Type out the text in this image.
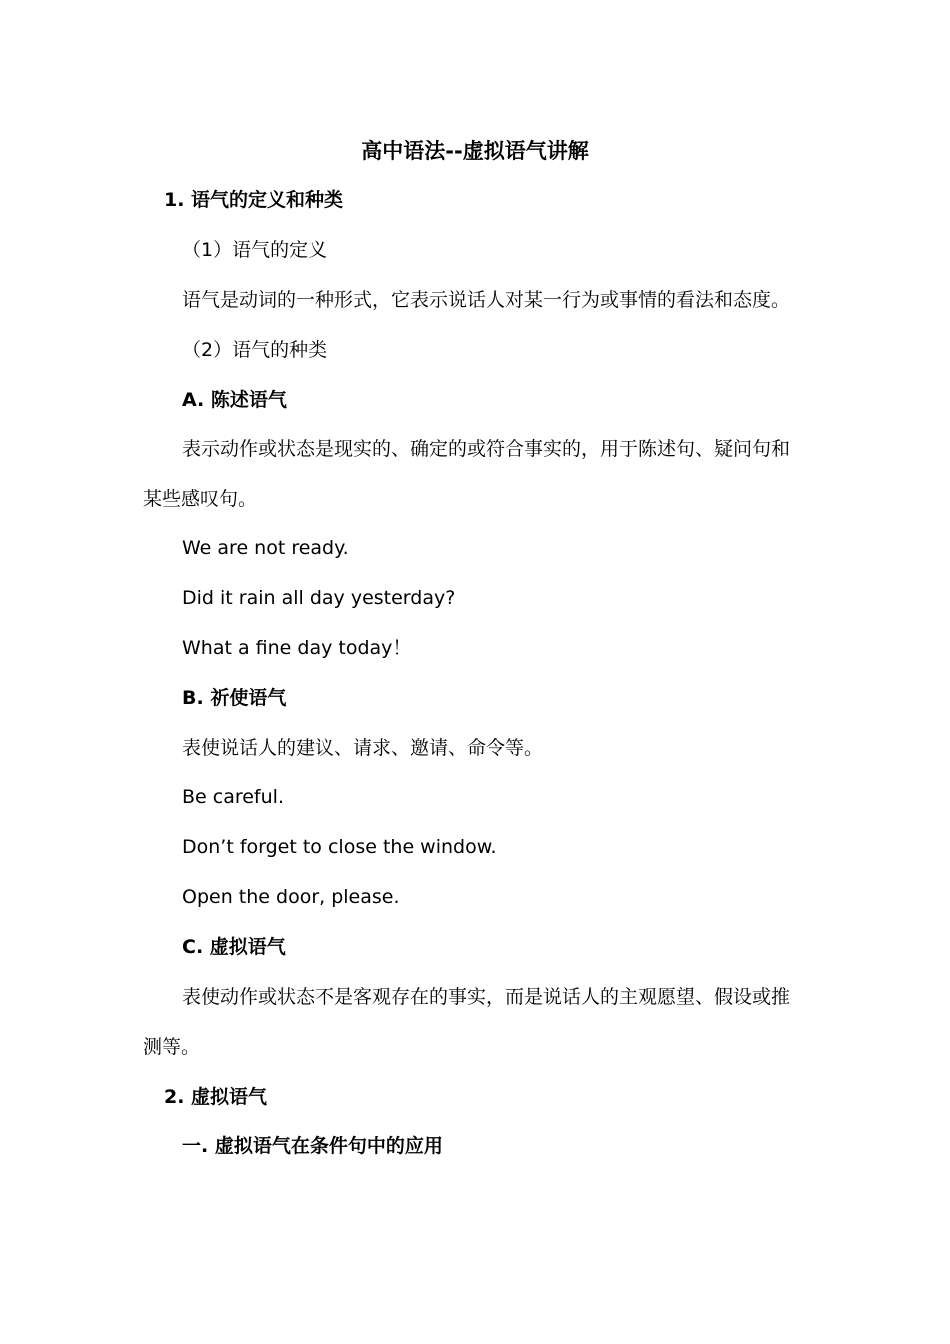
高中语法--虚拟语气讲解
1. 语气的定义和种类
（1）语气的定义
语气是动词的一种形式，它表示说话人对某一行为或事情的看法和态度。
（2）语气的种类
A. 陈述语气
表示动作或状态是现实的、确定的或符合事实的，用于陈述句、疑问句和
某些感叹句。
We are not ready.
Did it rain all day yesterday?
What a fine day today！
B. 祈使语气
表使说话人的建议、请求、邀请、命令等。
Be careful.
Don’t forget to close the window.
Open the door, please.
C. 虚拟语气
表使动作或状态不是客观存在的事实，而是说话人的主观愿望、假设或推
测等。
2. 虚拟语气
一. 虚拟语气在条件句中的应用
